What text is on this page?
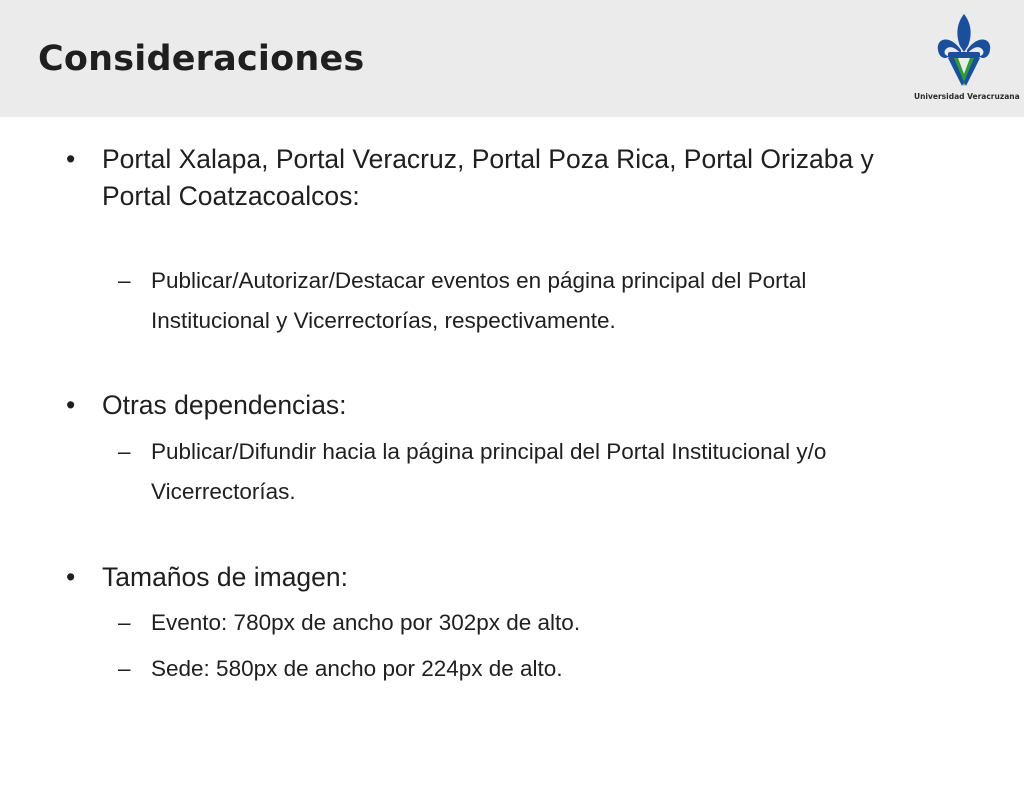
Consideraciones
Universidad Veracruzana
•	Portal Xalapa, Portal Veracruz, Portal Poza Rica, Portal Orizaba y Portal Coatzacoalcos:
– Publicar/Autorizar/Destacar eventos en página principal del Portal Institucional y Vicerrectorías, respectivamente.
•	Otras dependencias:
– Publicar/Difundir hacia la página principal del Portal Institucional y/o Vicerrectorías.
•	Tamaños de imagen:
– Evento: 780px de ancho por 302px de alto.
– Sede: 580px de ancho por 224px de alto.
